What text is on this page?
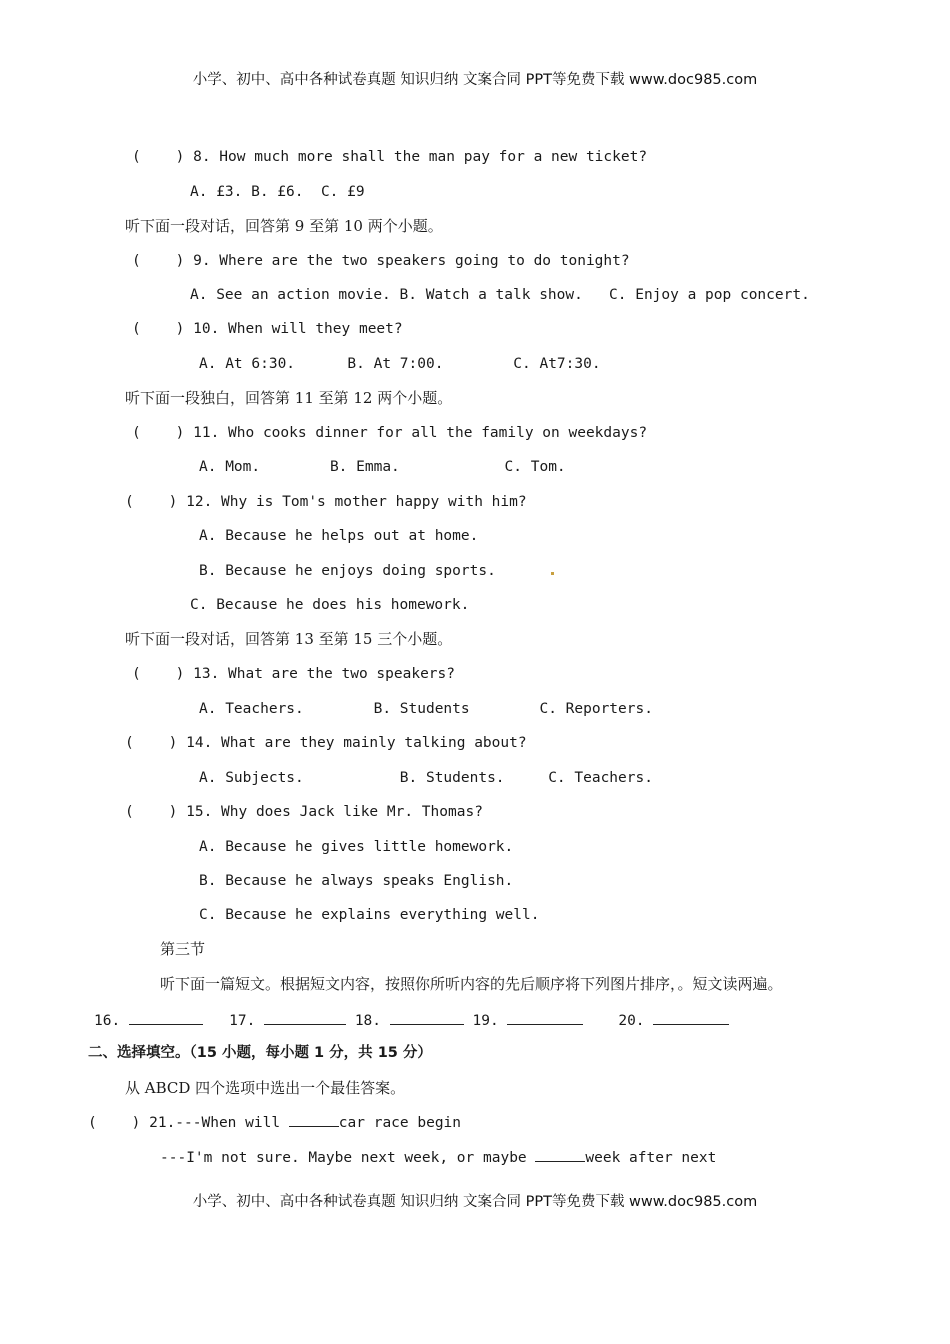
小学、初中、高中各种试卷真题 知识归纳 文案合同 PPT等免费下载 www.doc985.com
(    ) 8. How much more shall the man pay for a new ticket?
A. £3. B. £6.  C. £9
听下面一段对话，回答第 9 至第 10 两个小题。
(    ) 9. Where are the two speakers going to do tonight?
A. See an action movie. B. Watch a talk show.   C. Enjoy a pop concert.
(    ) 10. When will they meet?
A. At 6:30.      B. At 7:00.        C. At7:30.
听下面一段独白，回答第 11 至第 12 两个小题。
(    ) 11. Who cooks dinner for all the family on weekdays?
A. Mom.        B. Emma.            C. Tom.
(    ) 12. Why is Tom's mother happy with him?
A. Because he helps out at home.
B. Because he enjoys doing sports.
C. Because he does his homework.
听下面一段对话，回答第 13 至第 15 三个小题。
(    ) 13. What are the two speakers?
A. Teachers.        B. Students        C. Reporters.
(    ) 14. What are they mainly talking about?
A. Subjects.           B. Students.     C. Teachers.
(    ) 15. Why does Jack like Mr. Thomas?
A. Because he gives little homework.
B. Because he always speaks English.
C. Because he explains everything well.
第三节
听下面一篇短文。根据短文内容，按照你所听内容的先后顺序将下列图片排序，。短文读两遍。
16.	17.	18.	19.	20.
二、选择填空。（15 小题，每小题 1 分，共 15 分）
从 ABCD 四个选项中选出一个最佳答案。
(    ) 21.---When will	car race begin
---I'm not sure. Maybe next week, or maybe	week after next
小学、初中、高中各种试卷真题 知识归纳 文案合同 PPT等免费下载 www.doc985.com
